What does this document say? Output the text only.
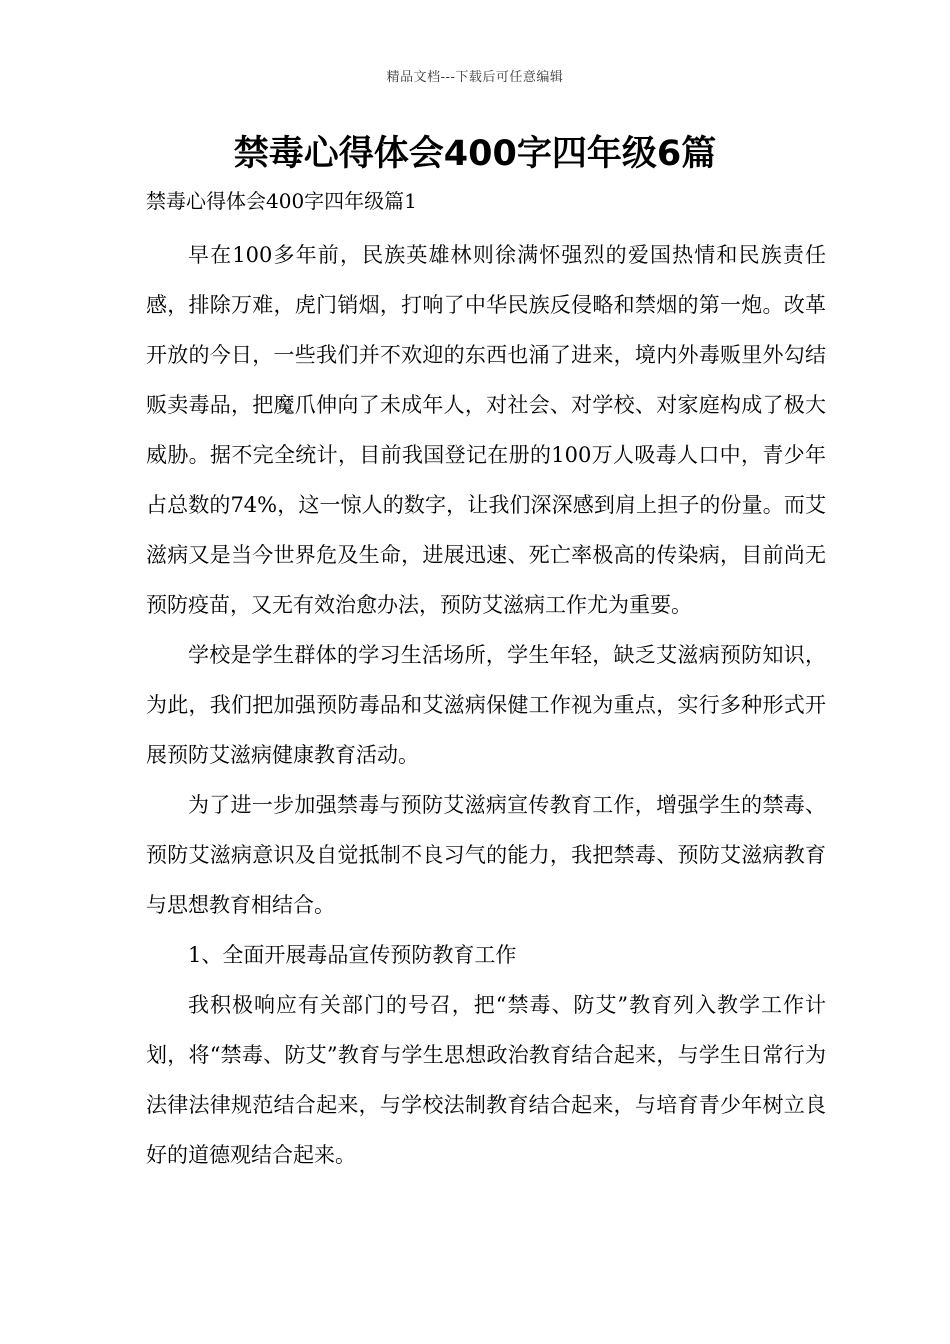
精品文档---下载后可任意编辑
禁毒心得体会400字四年级6篇

禁毒心得体会400字四年级篇1

早在100多年前，民族英雄林则徐满怀强烈的爱国热情和民族责任感，排除万难，虎门销烟，打响了中华民族反侵略和禁烟的第一炮。改革开放的今日，一些我们并不欢迎的东西也涌了进来，境内外毒贩里外勾结贩卖毒品，把魔爪伸向了未成年人，对社会、对学校、对家庭构成了极大威胁。据不完全统计，目前我国登记在册的100万人吸毒人口中，青少年占总数的74%，这一惊人的数字，让我们深深感到肩上担子的份量。而艾滋病又是当今世界危及生命，进展迅速、死亡率极高的传染病，目前尚无预防疫苗，又无有效治愈办法，预防艾滋病工作尤为重要。

学校是学生群体的学习生活场所，学生年轻，缺乏艾滋病预防知识，为此，我们把加强预防毒品和艾滋病保健工作视为重点，实行多种形式开展预防艾滋病健康教育活动。

为了进一步加强禁毒与预防艾滋病宣传教育工作，增强学生的禁毒、预防艾滋病意识及自觉抵制不良习气的能力，我把禁毒、预防艾滋病教育与思想教育相结合。

1、全面开展毒品宣传预防教育工作

我积极响应有关部门的号召，把“禁毒、防艾”教育列入教学工作计划，将“禁毒、防艾”教育与学生思想政治教育结合起来，与学生日常行为法律法律规范结合起来，与学校法制教育结合起来，与培育青少年树立良好的道德观结合起来。
